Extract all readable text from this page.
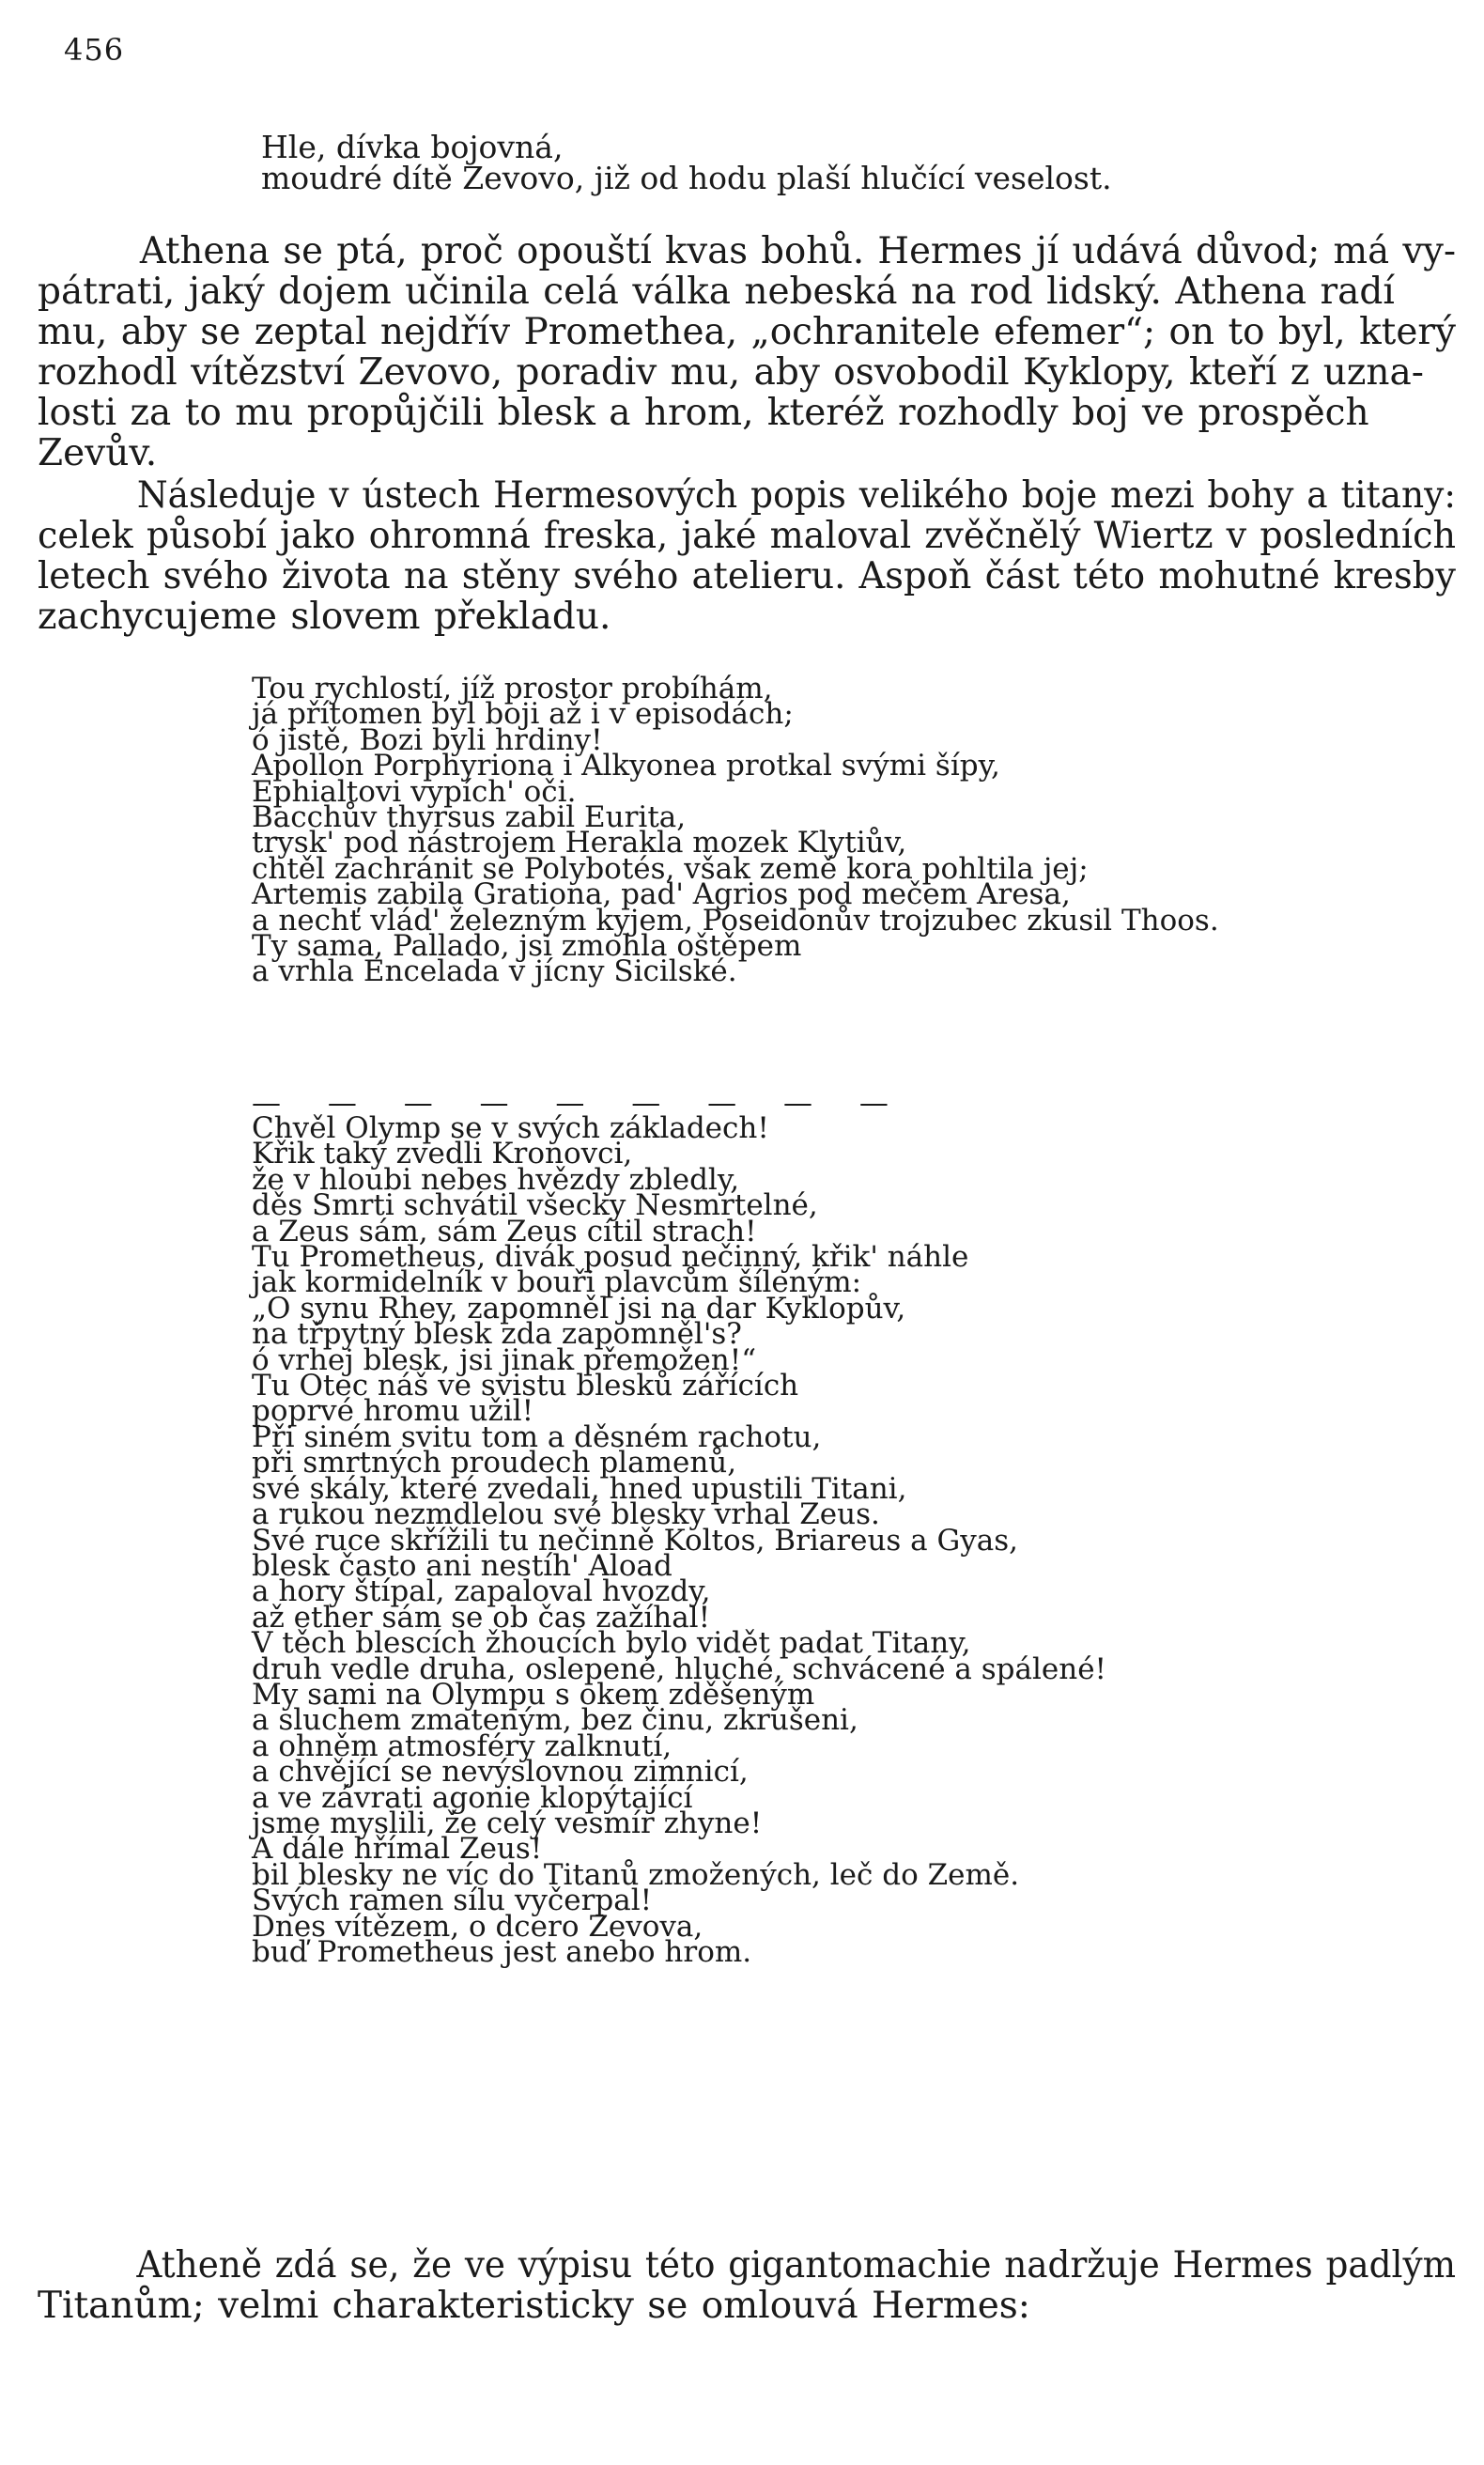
456
Hle, dívka bojovná,
moudré dítě Zevovo, již od hodu plaší hlučící veselost.
Athena se ptá, proč opouští kvas bohů. Hermes jí udává důvod; má vy-
pátrati, jaký dojem učinila celá válka nebeská na rod lidský. Athena radí
mu, aby se zeptal nejdřív Promethea, „ochranitele efemer“; on to byl, který
rozhodl vítězství Zevovo, poradiv mu, aby osvobodil Kyklopy, kteří z uzna-
losti za to mu propůjčili blesk a hrom, kteréž rozhodly boj ve prospěch
Zevův.
Následuje v ústech Hermesových popis velikého boje mezi bohy a titany:
celek působí jako ohromná freska, jaké maloval zvěčnělý Wiertz v posledních
letech svého života na stěny svého atelieru. Aspoň část této mohutné kresby
zachycujeme slovem překladu.
Tou rychlostí, jíž prostor probíhám,
já přítomen byl boji až i v episodách;
ó jistě, Bozi byli hrdiny!
Apollon Porphyriona i Alkyonea protkal svými šípy,
Ephialtovi vypích' oči.
Bacchův thyrsus zabil Eurita,
trysk' pod nástrojem Herakla mozek Klytiův,
chtěl zachránit se Polybotés, však země kora pohltila jej;
Artemis zabila Grationa, pad' Agrios pod mečem Aresa,
a nechť vlád' železným kyjem, Poseidonův trojzubec zkusil Thoos.
Ty sama, Pallado, jsi zmohla oštěpem
a vrhla Encelada v jícny Sicilské.
— — — — — — — — —
Chvěl Olymp se v svých základech!
Křik taký zvedli Kronovci,
že v hloubi nebes hvězdy zbledly,
děs Smrti schvátil všecky Nesmrtelné,
a Zeus sám, sám Zeus cítil strach!
Tu Prometheus, divák posud nečinný, křik' náhle
jak kormidelník v bouři plavcům šíleným:
„O synu Rhey, zapomněl jsi na dar Kyklopův,
na třpytný blesk zda zapomněl's?
ó vrhej blesk, jsi jinak přemožen!“
Tu Otec náš ve svistu blesků zářících
poprvé hromu užil!
Při siném svitu tom a děsném rachotu,
při smrtných proudech plamenů,
své skály, které zvedali, hned upustili Titani,
a rukou nezmdlelou své blesky vrhal Zeus.
Své ruce skřížili tu nečinně Koltos, Briareus a Gyas,
blesk často ani nestíh' Aload
a hory štípal, zapaloval hvozdy,
až ether sám se ob čas zažíhal!
V těch blescích žhoucích bylo vidět padat Titany,
druh vedle druha, oslepené, hluché, schvácené a spálené!
My sami na Olympu s okem zděšeným
a sluchem zmateným, bez činu, zkrušeni,
a ohněm atmosféry zalknutí,
a chvějící se nevýslovnou zimnicí,
a ve závrati agonie klopýtající
jsme myslili, že celý vesmír zhyne!
A dále hřímal Zeus!
bil blesky ne víc do Titanů zmožených, leč do Země.
Svých ramen sílu vyčerpal!
Dnes vítězem, o dcero Zevova,
buď Prometheus jest anebo hrom.
Atheně zdá se, že ve výpisu této gigantomachie nadržuje Hermes padlým
Titanům; velmi charakteristicky se omlouvá Hermes:
